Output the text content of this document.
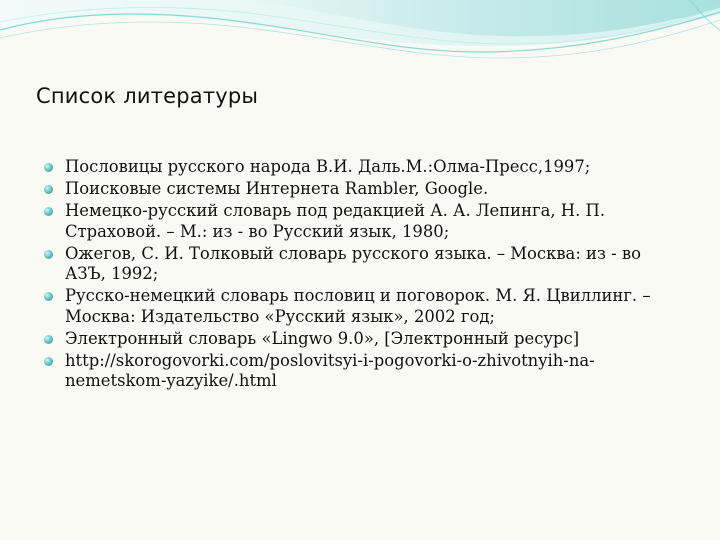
Список литературы
Пословицы русского народа В.И. Даль.М.:Олма-Пресс,1997;
Поисковые системы Интернета Rambler, Google.
Немецко-русский словарь под редакцией А. А. Лепинга, Н. П. Страховой. – М.: из - во Русский язык, 1980;
Ожегов, С. И. Толковый словарь русского языка. – Москва: из - во АЗЪ, 1992;
Русско-немецкий словарь пословиц и поговорок. М. Я. Цвиллинг. – Москва: Издательство «Русский язык», 2002 год;
Электронный словарь «Lingwo 9.0», [Электронный ресурс]
http://skorogovorki.com/poslovitsyi-i-pogovorki-o-zhivotnyih-na-nemetskom-yazyike/.html
